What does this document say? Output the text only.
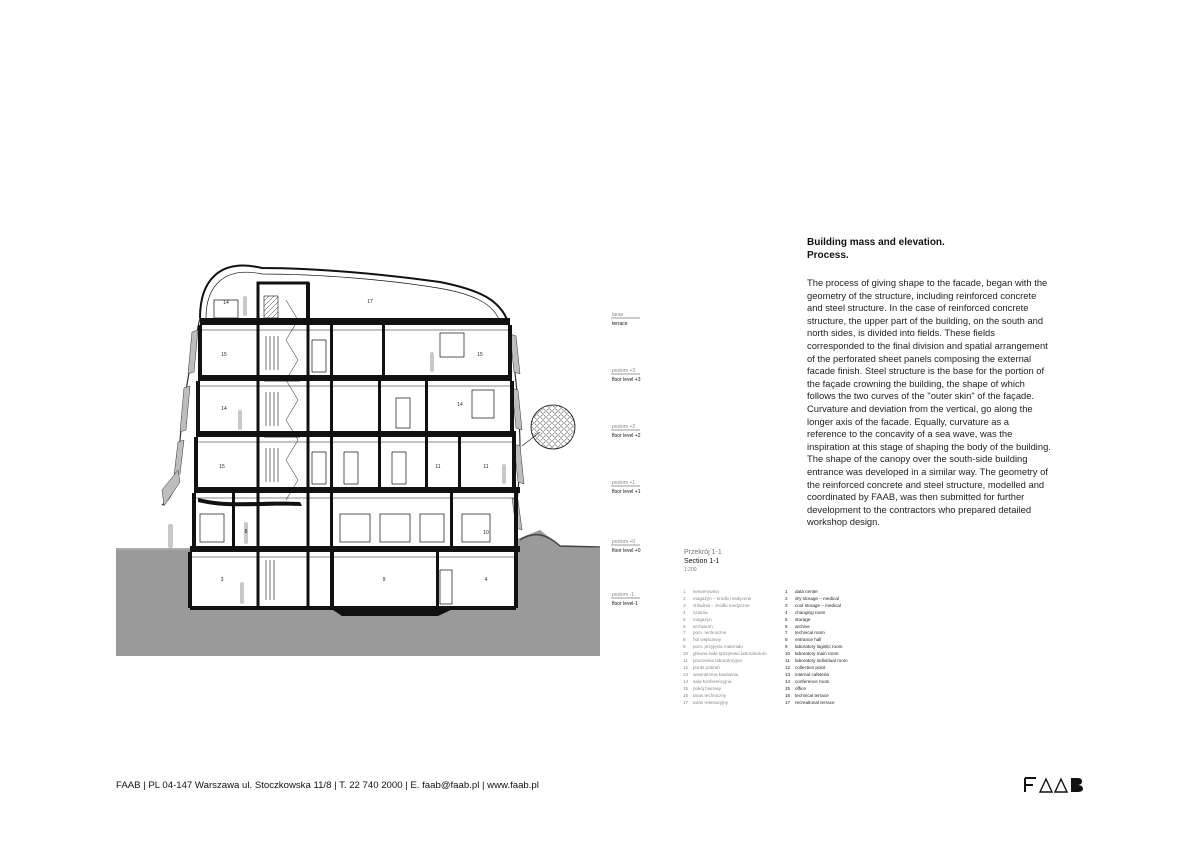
14	17
15	15
14
14
15	11	11
8	10
3	9	4
taras
terrace
poziom +3
floor level +3
poziom +2
floor level +2
poziom +1
floor level +1
poziom +0
floor level +0
poziom -1
floor level-1
Building mass and elevation.
Process.
The process of giving shape to the facade, began with the geometry of the structure, including reinforced concrete and steel structure. In the case of reinforced concrete structure, the upper part of the building, on the south and north sides, is divided into fields. These fields corresponded to the final division and spatial arrangement of the perforated sheet panels composing the external facade finish. Steel structure is the base for the portion of the façade crowning the building, the shape of which follows the two curves of the "outer skin" of the façade. Curvature and deviation from the vertical, go along the longer axis of the facade. Equally, curvature as a reference to the concavity of a sea wave, was the inspiration at this stage of shaping the body of the building. The shape of the canopy over the south-side building entrance was developed in a similar way. The geometry of the reinforced concrete and steel structure, modelled and coordinated by FAAB, was then submitted for further development to the contractors who prepared detailed workshop design.
Przekrój 1-1
Section 1-1
1:200
1 serwerownia
2 magazyn – środki medyczne
3 chłodnia – środki medyczne
4 szatnia
5 magazyn
6 archiwum
7 pom. techniczne
8 hol wejściowy
9 pom. przyjęcia materiału
10 główna hala sprzętowa laboratorium
11 pracownia laboratoryjna
12 punkt pobrań
13 wewnętrzna kawiarnia
14 sala konferencyjna
15 pokój biurowy
16 taras techniczny
17 taras rekreacyjny
1 data center
2 dry storage – medical
3 cool storage – medical
4 changing room
5 storage
6 archive
7 technical room
8 entrance hall
9 laboratory logistic room
10 laboratory main room
11 laboratory individual room
12 collection point
13 internal cafeteria
14 conference room
15 office
16 technical terrace
17 recreational terrace
FAAB | PL 04-147 Warszawa ul. Stoczkowska 11/8 | T. 22 740 2000 | E. faab@faab.pl | www.faab.pl
